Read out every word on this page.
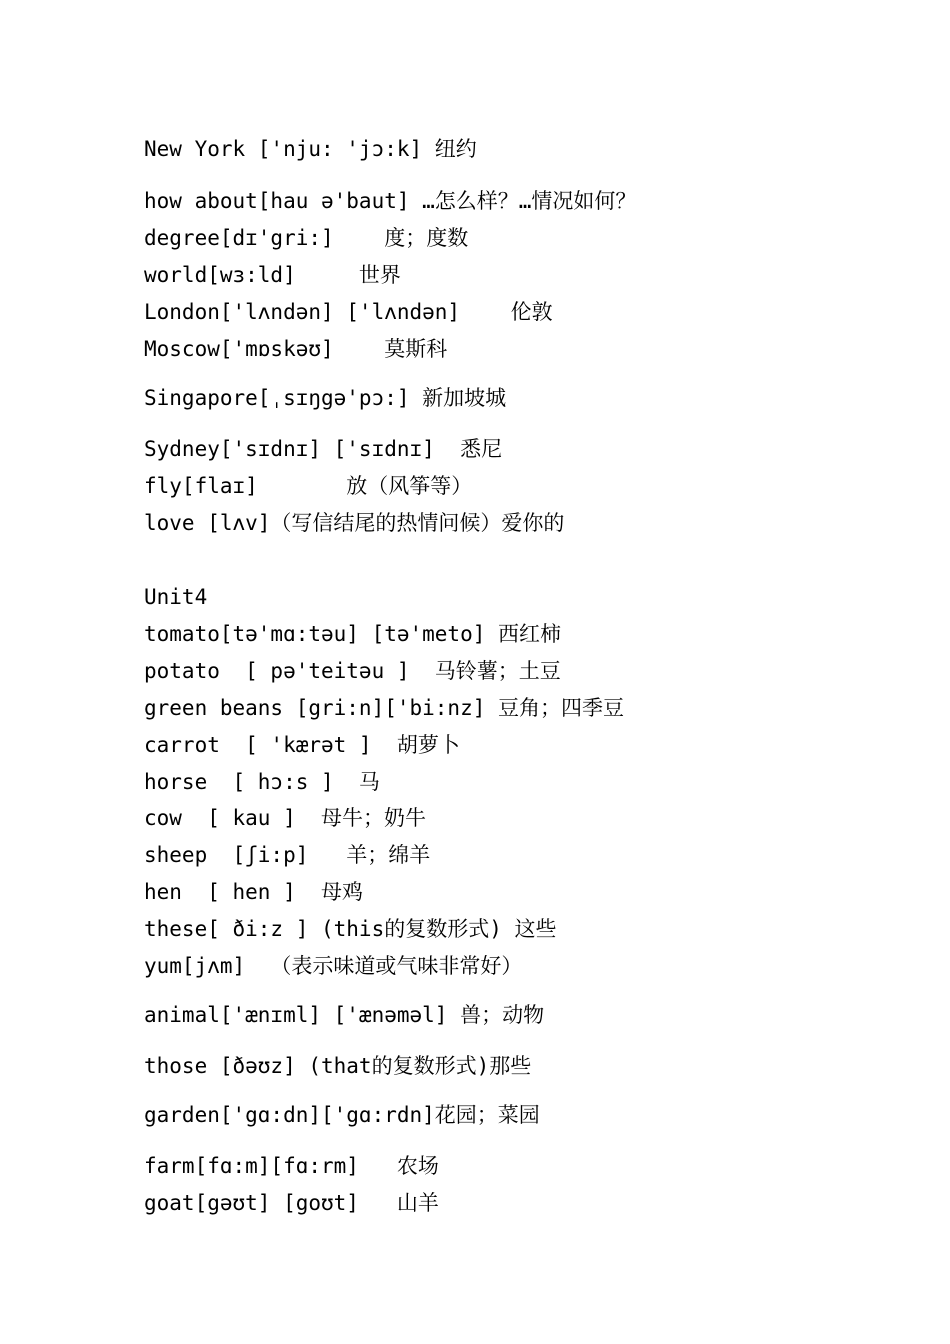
New York ['nju: 'jɔ:k] 纽约
how about[hau ə'baut] …怎么样？…情况如何？
degree[dɪ'gri:]    度；度数
world[wɜ:ld]     世界
London['lʌndən] ['lʌndən]    伦敦
Moscow['mɒskəʊ]    莫斯科
Singapore[ˌsɪŋgə'pɔ:] 新加坡城
Sydney['sɪdnɪ] ['sɪdnɪ]  悉尼
fly[flaɪ]       放（风筝等）
love [lʌv]（写信结尾的热情问候）爱你的
Unit4
tomato[tə'mɑ:təu] [tə'meto] 西红柿
potato  [ pə'teitəu ]  马铃薯；土豆
green beans [gri:n]['bi:nz] 豆角；四季豆
carrot  [ 'kærət ]  胡萝卜
horse  [ hɔ:s ]  马
cow  [ kau ]  母牛；奶牛
sheep  [ʃi:p]   羊；绵羊
hen  [ hen ]  母鸡
these[ ði:z ] (this的复数形式) 这些
yum[jʌm]  （表示味道或气味非常好）
animal['ænɪml] ['ænəməl] 兽；动物
those [ðəʊz] (that的复数形式)那些
garden['gɑ:dn]['gɑ:rdn]花园；菜园
farm[fɑ:m][fɑ:rm]   农场
goat[gəʊt] [goʊt]   山羊
